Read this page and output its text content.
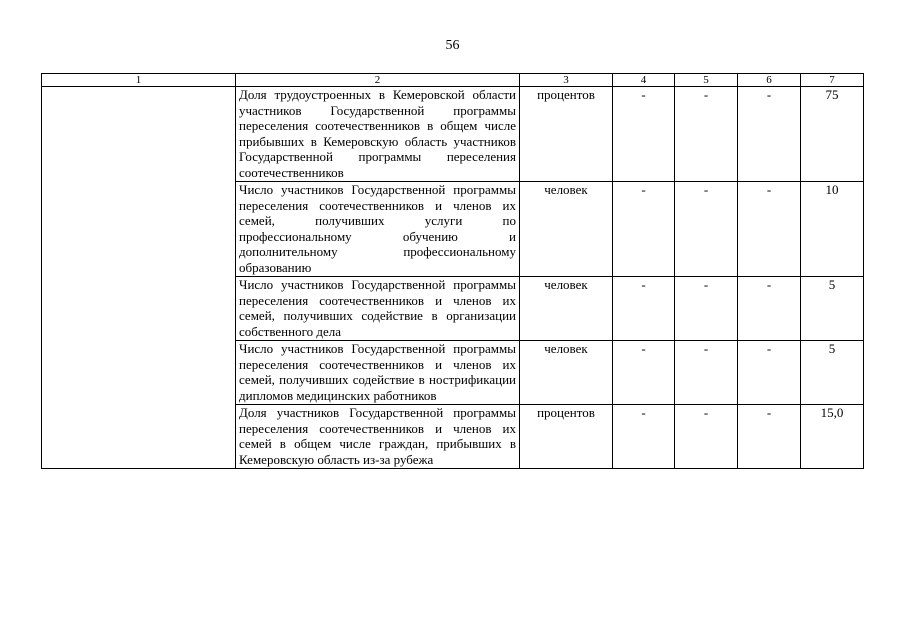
56
1	2	3	4	5	6	7
	Доля трудоустроенных в Кемеровской области участников Государственной программы переселения соотечественников в общем числе прибывших в Кемеровскую область участников Государственной программы переселения соотечественников	процентов	-	-	-	75
	Число участников Государственной программы переселения соотечественников и членов их семей, получивших услуги по профессиональному обучению и дополнительному профессиональному образованию	человек	-	-	-	10
	Число участников Государственной программы переселения соотечественников и членов их семей, получивших содействие в организации собственного дела	человек	-	-	-	5
	Число участников Государственной программы переселения соотечественников и членов их семей, получивших содействие в нострификации дипломов медицинских работников	человек	-	-	-	5
	Доля участников Государственной программы переселения соотечественников и членов их семей в общем числе граждан, прибывших в Кемеровскую область из-за рубежа	процентов	-	-	-	15,0
